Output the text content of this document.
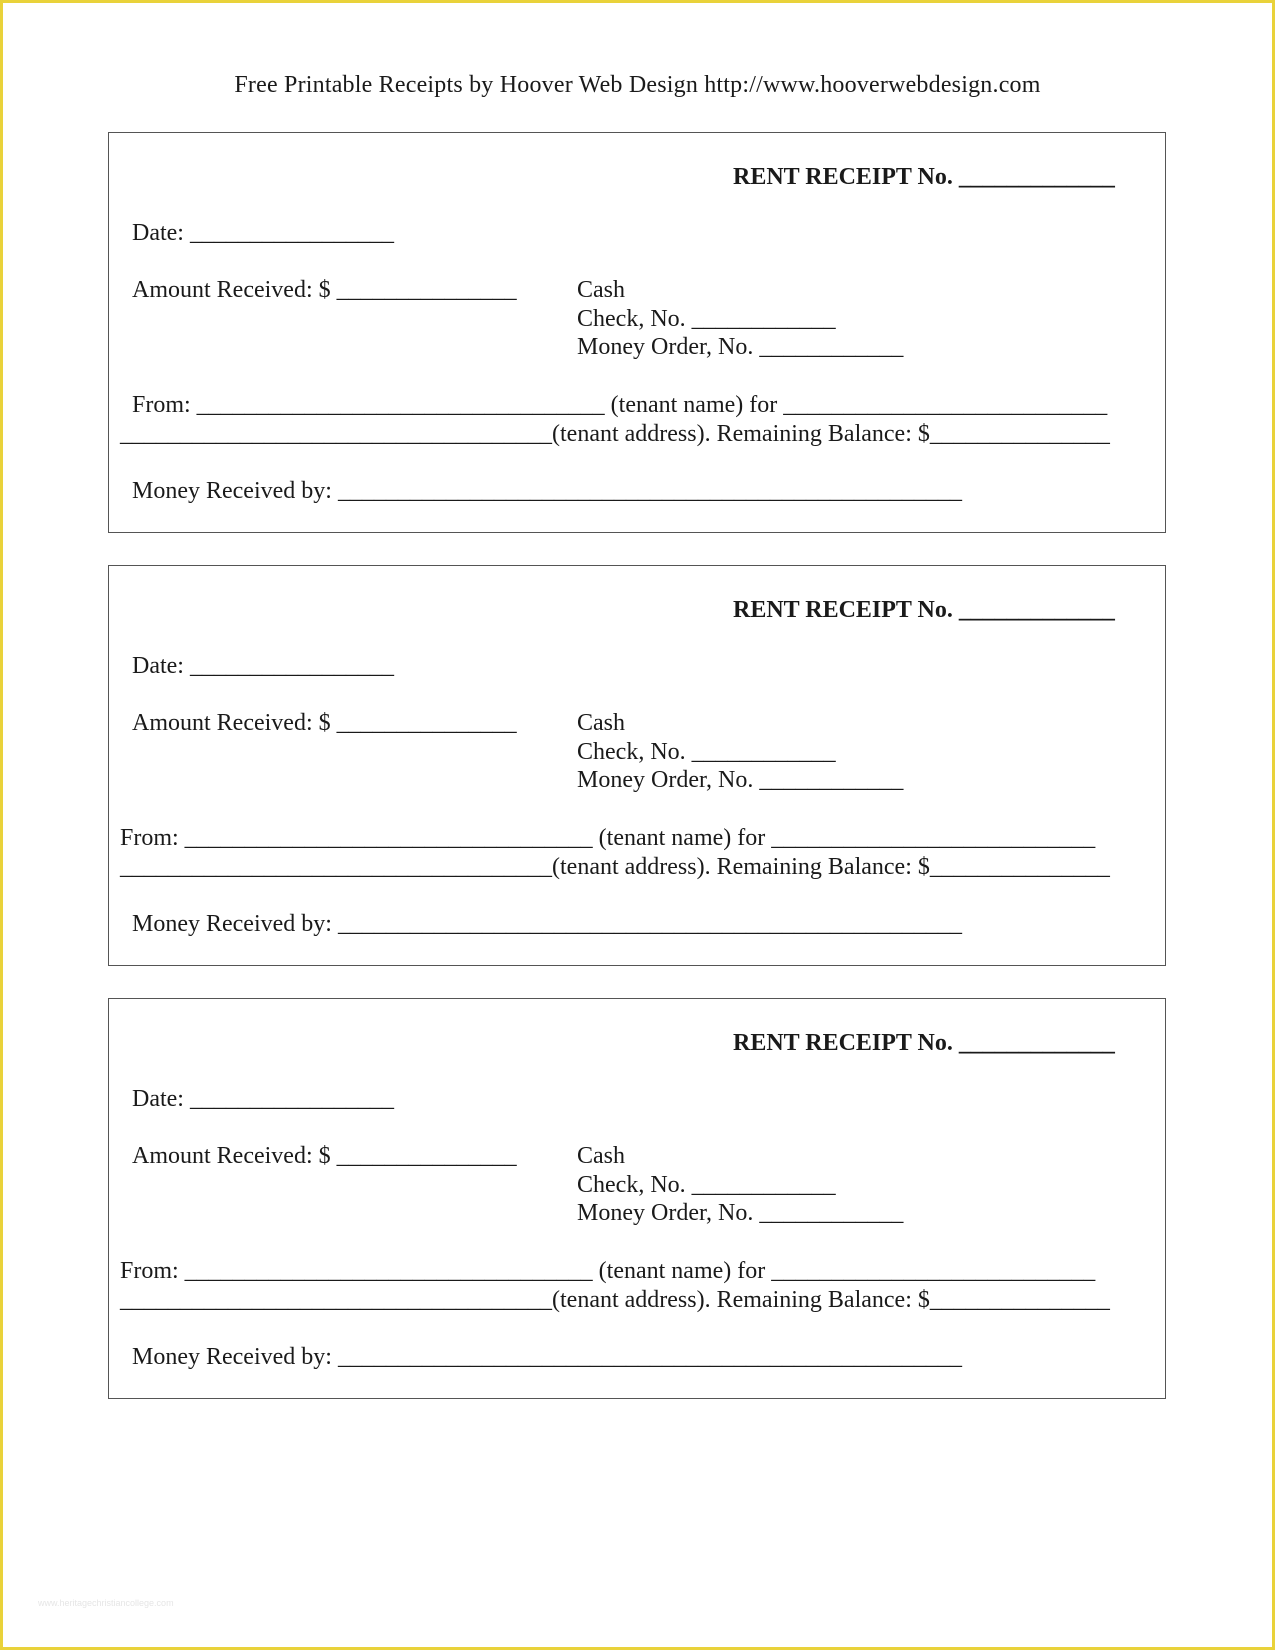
Free Printable Receipts by Hoover Web Design http://www.hooverwebdesign.com
RENT RECEIPT No. _____________
Date: _________________
Amount Received: $ _______________	Cash
Check, No. ____________
Money Order, No. ____________
From: __________________________________ (tenant name) for ___________________________
____________________________________(tenant address). Remaining Balance: $_______________
Money Received by: ____________________________________________________
RENT RECEIPT No. _____________
Date: _________________
Amount Received: $ _______________	Cash
Check, No. ____________
Money Order, No. ____________
From: __________________________________ (tenant name) for ___________________________
____________________________________(tenant address). Remaining Balance: $_______________
Money Received by: ____________________________________________________
RENT RECEIPT No. _____________
Date: _________________
Amount Received: $ _______________	Cash
Check, No. ____________
Money Order, No. ____________
From: __________________________________ (tenant name) for ___________________________
____________________________________(tenant address). Remaining Balance: $_______________
Money Received by: ____________________________________________________
www.heritagechristiancollege.com
